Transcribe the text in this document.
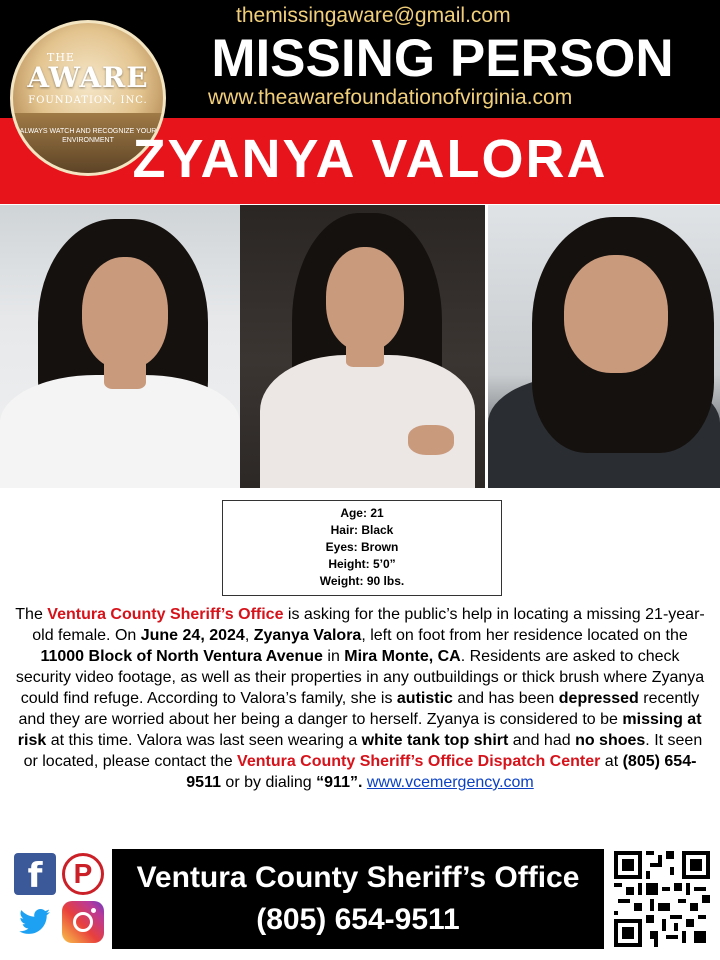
THE
AWARE
FOUNDATION, INC.
ALWAYS WATCH AND RECOGNIZE YOUR ENVIRONMENT
themissingaware@gmail.com
MISSING PERSON
www.theawarefoundationofvirginia.com
ZYANYA VALORA
Age: 21
Hair: Black
Eyes: Brown
Height: 5’0”
Weight: 90 lbs.
The Ventura County Sheriff’s Office is asking for the public’s help in locating a missing 21-year-old female. On June 24, 2024, Zyanya Valora, left on foot from her residence located on the 11000 Block of North Ventura Avenue in Mira Monte, CA. Residents are asked to check security video footage, as well as their properties in any outbuildings or thick brush where Zyanya could find refuge. According to Valora’s family, she is autistic and has been depressed recently and they are worried about her being a danger to herself. Zyanya is considered to be missing at risk at this time. Valora was last seen wearing a white tank top shirt and had no shoes. It seen or located, please contact the Ventura County Sheriff’s Office Dispatch Center at (805) 654-9511 or by dialing “911”. www.vcemergency.com
f	P	Ventura County Sheriff’s Office
(805) 654-9511
